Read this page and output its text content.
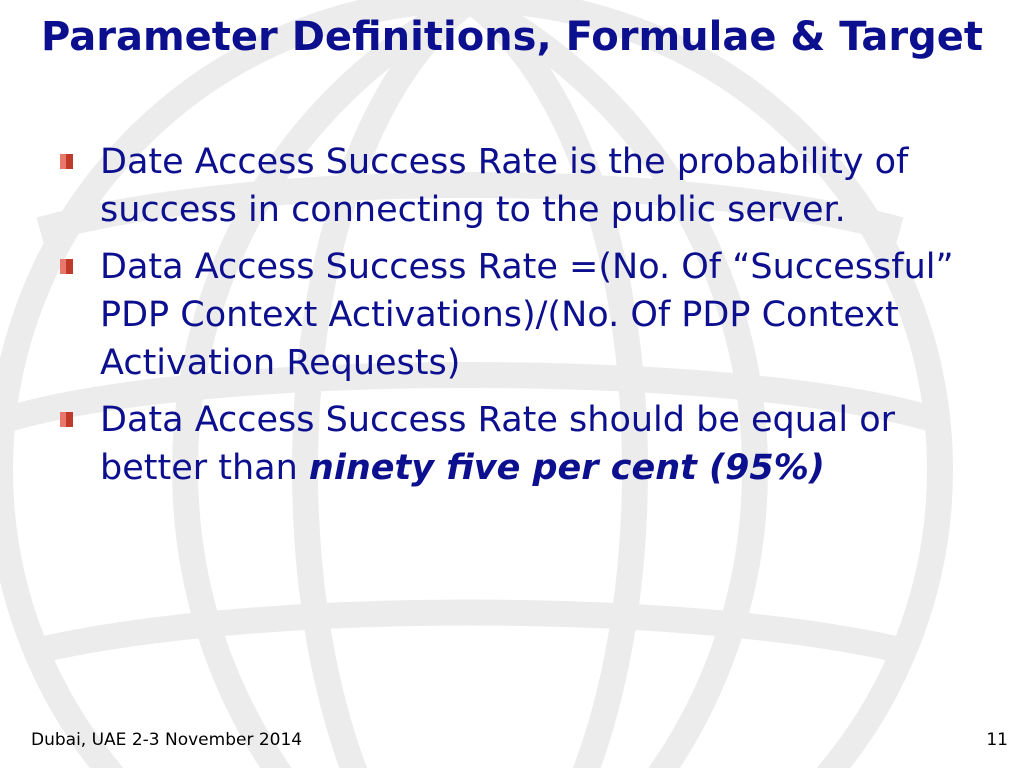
Parameter Definitions, Formulae & Target
Date Access Success Rate is the probability of success in connecting to the public server.
Data Access Success Rate =(No. Of “Successful” PDP Context Activations)/(No. Of PDP Context Activation Requests)
Data Access Success Rate should be equal or better than ninety five per cent (95%)
Dubai, UAE 2-3 November 2014	11
